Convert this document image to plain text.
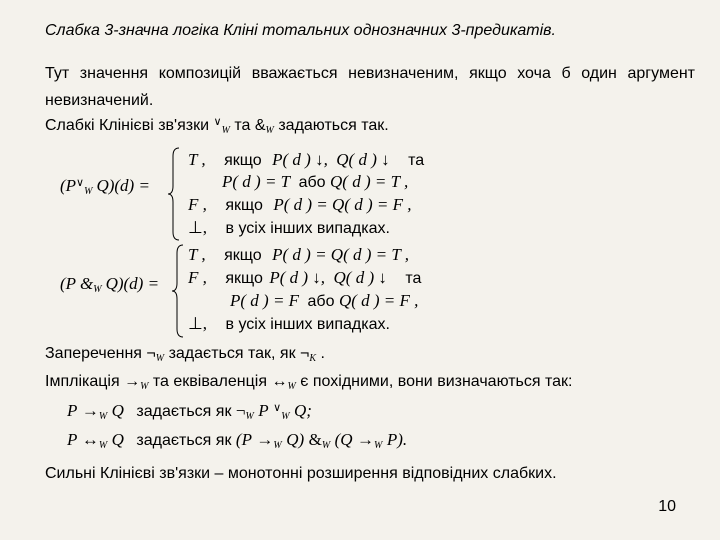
Слабка 3-значна логіка Кліні тотальних однозначних 3-предикатів.
Тут значення композицій вважається невизначеним, якщо хоча б один аргумент невизначений.
Слабкі Клінієві зв'язки ∨W та &W задаються так.
(P∨W Q)(d) =
T , якщо P( d ) ↓, Q( d ) ↓ та
P( d ) = T або Q( d ) = T ,
F , якщо P( d ) = Q( d ) = F ,
⊥, в усіх інших випадках.
(P &W Q)(d) =
T , якщо P( d ) = Q( d ) = T ,
F , якщо P( d ) ↓, Q( d ) ↓ та
P( d ) = F або Q( d ) = F ,
⊥, в усіх інших випадках.
Заперечення ¬W задається так, як ¬K .
Імплікація →W та еквіваленція ↔W є похідними, вони визначаються так:
P →W Q задається як ¬W P ∨W Q;
P ↔W Q задається як (P →W Q) &W (Q →W P).
Сильні Клінієві зв'язки – монотонні розширення відповідних слабких.
10
